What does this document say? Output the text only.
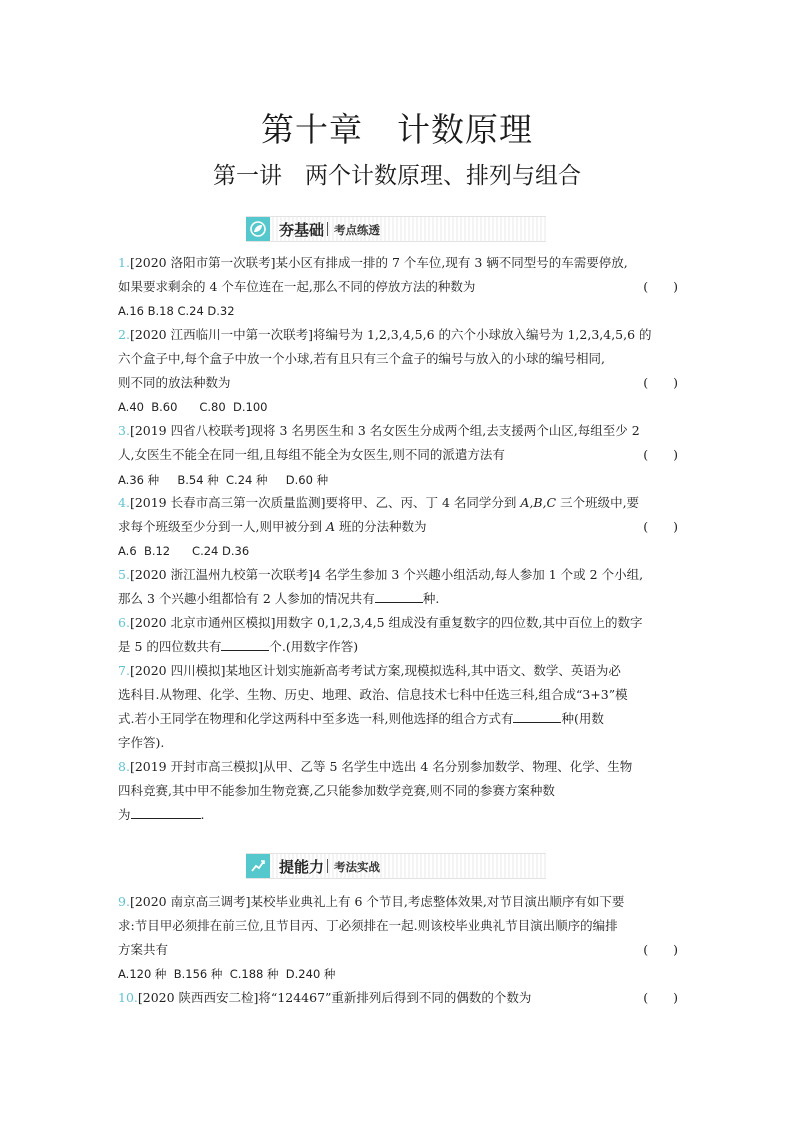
第十章　计数原理
第一讲　两个计数原理、排列与组合
夯基础 考点练透
1.[2020 洛阳市第一次联考]某小区有排成一排的 7 个车位,现有 3 辆不同型号的车需要停放,
如果要求剩余的 4 个车位连在一起,那么不同的停放方法的种数为	(　　)
A.16 B.18 C.24 D.32
2.[2020 江西临川一中第一次联考]将编号为 1,2,3,4,5,6 的六个小球放入编号为 1,2,3,4,5,6 的
六个盒子中,每个盒子中放一个小球,若有且只有三个盒子的编号与放入的小球的编号相同,
则不同的放法种数为	(　　)
A.40  B.60      C.80  D.100
3.[2019 四省八校联考]现将 3 名男医生和 3 名女医生分成两个组,去支援两个山区,每组至少 2
人,女医生不能全在同一组,且每组不能全为女医生,则不同的派遣方法有	(　　)
A.36 种     B.54 种  C.24 种     D.60 种
4.[2019 长春市高三第一次质量监测]要将甲、乙、丙、丁 4 名同学分到 A,B,C 三个班级中,要
求每个班级至少分到一人,则甲被分到 A 班的分法种数为	(　　)
A.6  B.12      C.24 D.36
5.[2020 浙江温州九校第一次联考]4 名学生参加 3 个兴趣小组活动,每人参加 1 个或 2 个小组,
那么 3 个兴趣小组都恰有 2 人参加的情况共有	种.
6.[2020 北京市通州区模拟]用数字 0,1,2,3,4,5 组成没有重复数字的四位数,其中百位上的数字
是 5 的四位数共有	个.(用数字作答)
7.[2020 四川模拟]某地区计划实施新高考考试方案,现模拟选科,其中语文、数学、英语为必
选科目.从物理、化学、生物、历史、地理、政治、信息技术七科中任选三科,组合成“3+3”模
式.若小王同学在物理和化学这两科中至多选一科,则他选择的组合方式有	种(用数
字作答).
8.[2019 开封市高三模拟]从甲、乙等 5 名学生中选出 4 名分别参加数学、物理、化学、生物
四科竞赛,其中甲不能参加生物竞赛,乙只能参加数学竞赛,则不同的参赛方案种数
为	.
提能力 考法实战
9.[2020 南京高三调考]某校毕业典礼上有 6 个节目,考虑整体效果,对节目演出顺序有如下要
求:节目甲必须排在前三位,且节目丙、丁必须排在一起.则该校毕业典礼节目演出顺序的编排
方案共有	(　　)
A.120 种  B.156 种  C.188 种  D.240 种
10.[2020 陕西西安二检]将“124467”重新排列后得到不同的偶数的个数为	(　　)
